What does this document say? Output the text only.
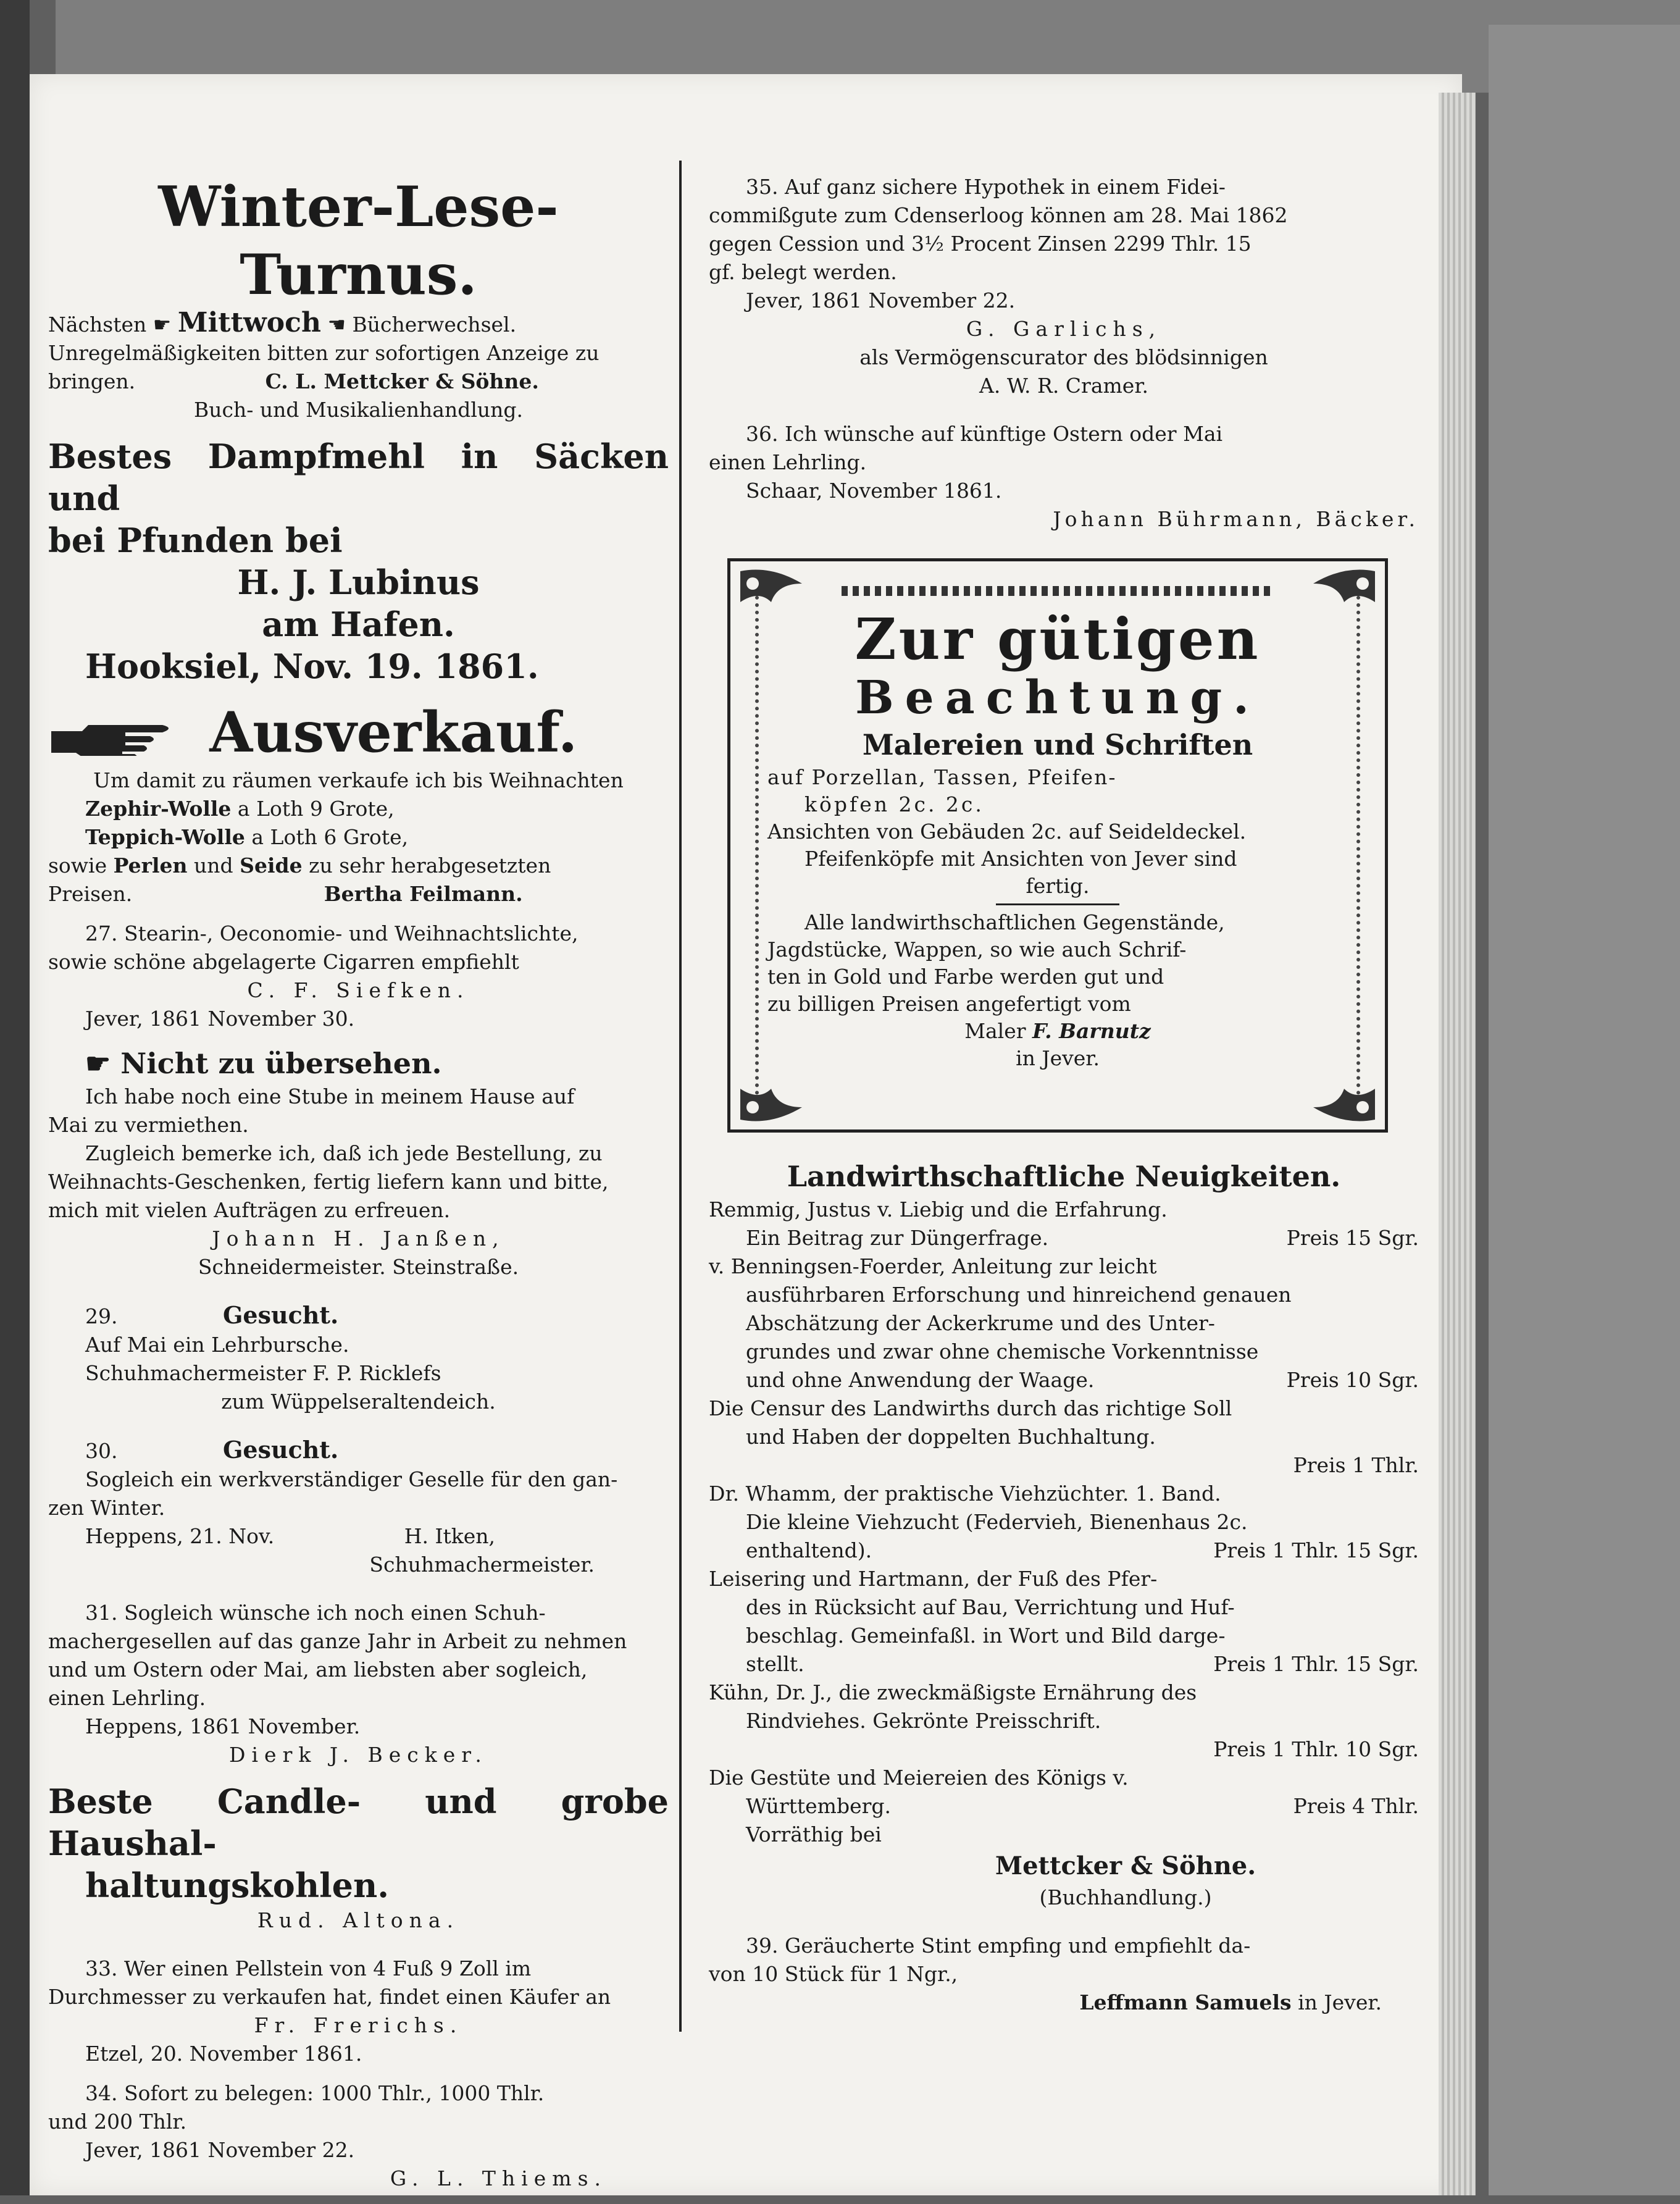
Winter-Lese-Turnus.

Nächsten ☛ Mittwoch ☚ Bücherwechsel.

Unregelmäßigkeiten bitten zur sofortigen Anzeige zu

bringen.	C. L. Mettcker & Söhne.

Buch- und Musikalienhandlung.

Bestes Dampfmehl in Säcken und

bei Pfunden bei

H. J. Lubinus

am Hafen.

Hooksiel, Nov. 19. 1861.

Ausverkauf.

Um damit zu räumen verkaufe ich bis Weihnachten

Zephir-Wolle a Loth 9 Grote,

Teppich-Wolle a Loth 6 Grote,

sowie Perlen und Seide zu sehr herabgesetzten

Preisen.	Bertha Feilmann.

27. Stearin-, Oeconomie- und Weihnachtslichte,

sowie schöne abgelagerte Cigarren empfiehlt

C. F. Siefken.

Jever, 1861 November 30.

☛ Nicht zu übersehen.

Ich habe noch eine Stube in meinem Hause auf

Mai zu vermiethen.

Zugleich bemerke ich, daß ich jede Bestellung, zu

Weihnachts-Geschenken, fertig liefern kann und bitte,

mich mit vielen Aufträgen zu erfreuen.

Johann H. Janßen,

Schneidermeister. Steinstraße.

29.	Gesucht.

Auf Mai ein Lehrbursche.

Schuhmachermeister F. P. Ricklefs

zum Wüppelseraltendeich.

30.	Gesucht.

Sogleich ein werkverständiger Geselle für den gan-

zen Winter.

Heppens, 21. Nov.	H. Itken,

Schuhmachermeister.

31. Sogleich wünsche ich noch einen Schuh-

machergesellen auf das ganze Jahr in Arbeit zu nehmen

und um Ostern oder Mai, am liebsten aber sogleich,

einen Lehrling.

Heppens, 1861 November.

Dierk J. Becker.

Beste Candle- und grobe Haushal-

haltungskohlen.

Rud. Altona.

33. Wer einen Pellstein von 4 Fuß 9 Zoll im

Durchmesser zu verkaufen hat, findet einen Käufer an

Fr. Frerichs.

Etzel, 20. November 1861.

34. Sofort zu belegen: 1000 Thlr., 1000 Thlr.

und 200 Thlr.

Jever, 1861 November 22.

G. L. Thiems.

35. Auf ganz sichere Hypothek in einem Fidei-

commißgute zum Cdenserloog können am 28. Mai 1862

gegen Cession und 3½ Procent Zinsen 2299 Thlr. 15

gf. belegt werden.

Jever, 1861 November 22.

G. Garlichs,

als Vermögenscurator des blödsinnigen

A. W. R. Cramer.

36. Ich wünsche auf künftige Ostern oder Mai

einen Lehrling.

Schaar, November 1861.

Johann Bührmann, Bäcker.

Zur gütigen

Beachtung.

Malereien und Schriften

auf Porzellan, Tassen, Pfeifen-

köpfen 2c. 2c.

Ansichten von Gebäuden 2c. auf Seideldeckel.

Pfeifenköpfe mit Ansichten von Jever sind

fertig.

Alle landwirthschaftlichen Gegenstände,

Jagdstücke, Wappen, so wie auch Schrif-

ten in Gold und Farbe werden gut und

zu billigen Preisen angefertigt vom

Maler F. Barnutz

in Jever.

Landwirthschaftliche Neuigkeiten.

Remmig, Justus v. Liebig und die Erfahrung.

Ein Beitrag zur Düngerfrage.	Preis 15 Sgr.

v. Benningsen-Foerder, Anleitung zur leicht

ausführbaren Erforschung und hinreichend genauen

Abschätzung der Ackerkrume und des Unter-

grundes und zwar ohne chemische Vorkenntnisse

und ohne Anwendung der Waage.	Preis 10 Sgr.

Die Censur des Landwirths durch das richtige Soll

und Haben der doppelten Buchhaltung.

Preis 1 Thlr.

Dr. Whamm, der praktische Viehzüchter. 1. Band.

Die kleine Viehzucht (Federvieh, Bienenhaus 2c.

enthaltend).	Preis 1 Thlr. 15 Sgr.

Leisering und Hartmann, der Fuß des Pfer-

des in Rücksicht auf Bau, Verrichtung und Huf-

beschlag. Gemeinfaßl. in Wort und Bild darge-

stellt.	Preis 1 Thlr. 15 Sgr.

Kühn, Dr. J., die zweckmäßigste Ernährung des

Rindviehes. Gekrönte Preisschrift.

Preis 1 Thlr. 10 Sgr.

Die Gestüte und Meiereien des Königs v.

Württemberg.	Preis 4 Thlr.

Vorräthig bei

Mettcker & Söhne.

(Buchhandlung.)

39. Geräucherte Stint empfing und empfiehlt da-

von 10 Stück für 1 Ngr.,

Leffmann Samuels in Jever.
